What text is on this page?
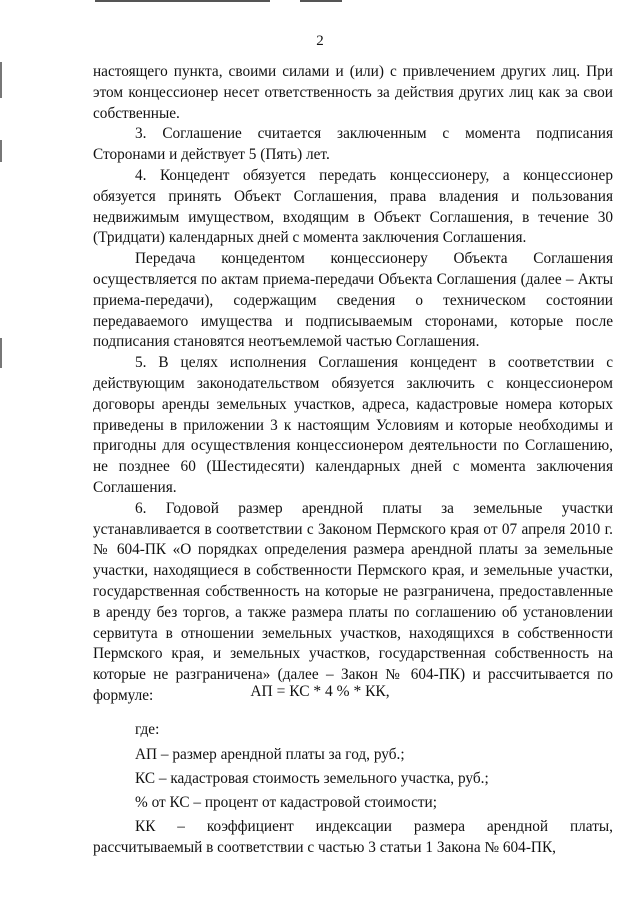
2

настоящего пункта, своими силами и (или) с привлечением других лиц. При этом концессионер несет ответственность за действия других лиц как за свои собственные.

3. Соглашение считается заключенным с момента подписания Сторонами и действует 5 (Пять) лет.

4. Концедент обязуется передать концессионеру, а концессионер обязуется принять Объект Соглашения, права владения и пользования недвижимым имуществом, входящим в Объект Соглашения, в течение 30 (Тридцати) календарных дней с момента заключения Соглашения.

Передача концедентом концессионеру Объекта Соглашения осуществляется по актам приема-передачи Объекта Соглашения (далее – Акты приема-передачи), содержащим сведения о техническом состоянии передаваемого имущества и подписываемым сторонами, которые после подписания становятся неотъемлемой частью Соглашения.

5. В целях исполнения Соглашения концедент в соответствии с действующим законодательством обязуется заключить с концессионером договоры аренды земельных участков, адреса, кадастровые номера которых приведены в приложении 3 к настоящим Условиям и которые необходимы и пригодны для осуществления концессионером деятельности по Соглашению, не позднее 60 (Шестидесяти) календарных дней с момента заключения Соглашения.

6. Годовой размер арендной платы за земельные участки устанавливается в соответствии с Законом Пермского края от 07 апреля 2010 г. № 604-ПК «О порядках определения размера арендной платы за земельные участки, находящиеся в собственности Пермского края, и земельные участки, государственная собственность на которые не разграничена, предоставленные в аренду без торгов, а также размера платы по соглашению об установлении сервитута в отношении земельных участков, находящихся в собственности Пермского края, и земельных участков, государственная собственность на которые не разграничена» (далее – Закон № 604-ПК) и рассчитывается по формуле:	АП = КС * 4 % * КК,
где:

АП – размер арендной платы за год, руб.;

КС – кадастровая стоимость земельного участка, руб.;

% от КС – процент от кадастровой стоимости;

КК – коэффициент индексации размера арендной платы, рассчитываемый в соответствии с частью 3 статьи 1 Закона № 604-ПК,
